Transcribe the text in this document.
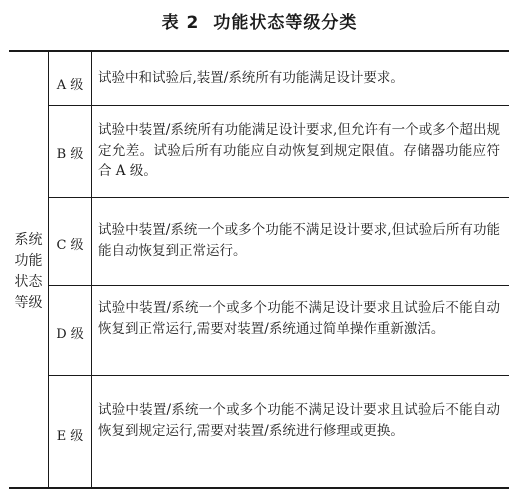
表 2 功能状态等级分类
系统
功能
状态
等级
A 级	试验中和试验后,装置/系统所有功能满足设计要求。
B 级
试验中装置/系统所有功能满足设计要求,但允许有一个或多个超出规定允差。试验后所有功能应自动恢复到规定限值。存储器功能应符合 A 级。
C 级
试验中装置/系统一个或多个功能不满足设计要求,但试验后所有功能能自动恢复到正常运行。
D 级
试验中装置/系统一个或多个功能不满足设计要求且试验后不能自动恢复到正常运行,需要对装置/系统通过简单操作重新激活。
E 级
试验中装置/系统一个或多个功能不满足设计要求且试验后不能自动恢复到规定运行,需要对装置/系统进行修理或更换。
